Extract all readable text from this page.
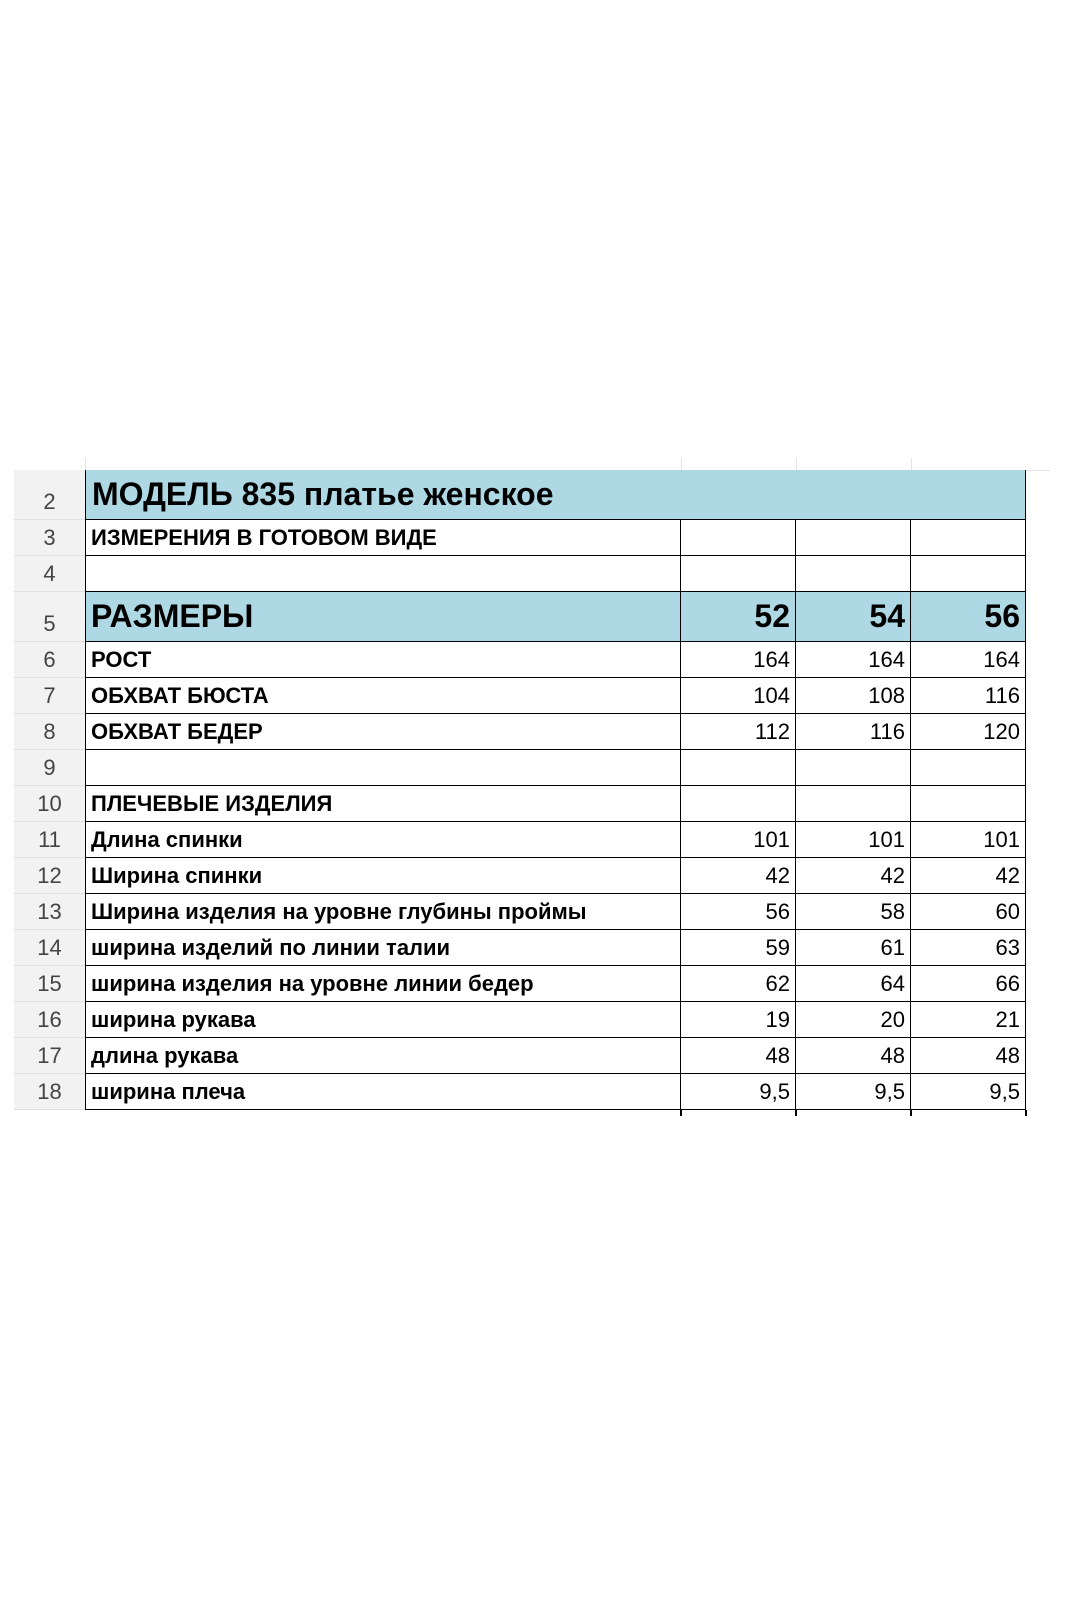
2	МОДЕЛЬ 835 платье женское
3	ИЗМЕРЕНИЯ В ГОТОВОМ ВИДЕ
4
5	РАЗМЕРЫ	52	54	56
6	РОСТ	164	164	164
7	ОБХВАТ БЮСТА	104	108	116
8	ОБХВАТ БЕДЕР	112	116	120
9
10	ПЛЕЧЕВЫЕ ИЗДЕЛИЯ
11	Длина спинки	101	101	101
12	Ширина спинки	42	42	42
13	Ширина изделия на уровне глубины проймы	56	58	60
14	ширина изделий по линии талии	59	61	63
15	ширина изделия на уровне линии бедер	62	64	66
16	ширина рукава	19	20	21
17	длина рукава	48	48	48
18	ширина плеча	9,5	9,5	9,5
